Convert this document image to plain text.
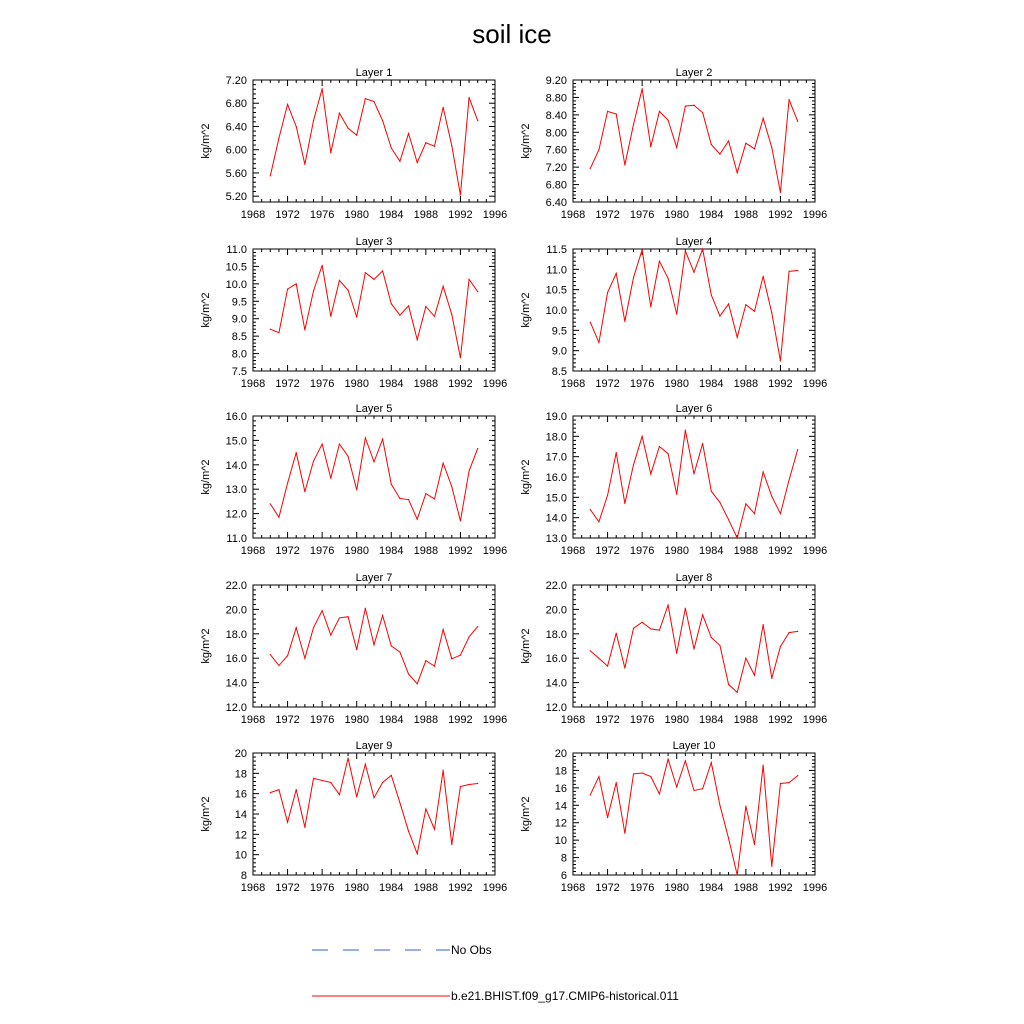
soil ice
Layer 1
1968 1972 1976 1980 1984 1988 1992 1996
5.20
5.60
6.00
6.40
6.80
7.20
kg/m^2
Layer 2
1968 1972 1976 1980 1984 1988 1992 1996
6.40
6.80
7.20
7.60
8.00
8.40
8.80
9.20
kg/m^2
Layer 3
1968 1972 1976 1980 1984 1988 1992 1996
7.5
8.0
8.5
9.0
9.5
10.0
10.5
11.0
kg/m^2
Layer 4
1968 1972 1976 1980 1984 1988 1992 1996
8.5
9.0
9.5
10.0
10.5
11.0
11.5
kg/m^2
Layer 5
1968 1972 1976 1980 1984 1988 1992 1996
11.0
12.0
13.0
14.0
15.0
16.0
kg/m^2
Layer 6
1968 1972 1976 1980 1984 1988 1992 1996
13.0
14.0
15.0
16.0
17.0
18.0
19.0
kg/m^2
Layer 7
1968 1972 1976 1980 1984 1988 1992 1996
12.0
14.0
16.0
18.0
20.0
22.0
kg/m^2
Layer 8
1968 1972 1976 1980 1984 1988 1992 1996
12.0
14.0
16.0
18.0
20.0
22.0
kg/m^2
Layer 9
1968 1972 1976 1980 1984 1988 1992 1996
8
10
12
14
16
18
20
kg/m^2
Layer 10
1968 1972 1976 1980 1984 1988 1992 1996
6
8
10
12
14
16
18
20
kg/m^2
No Obs
b.e21.BHIST.f09_g17.CMIP6-historical.011
